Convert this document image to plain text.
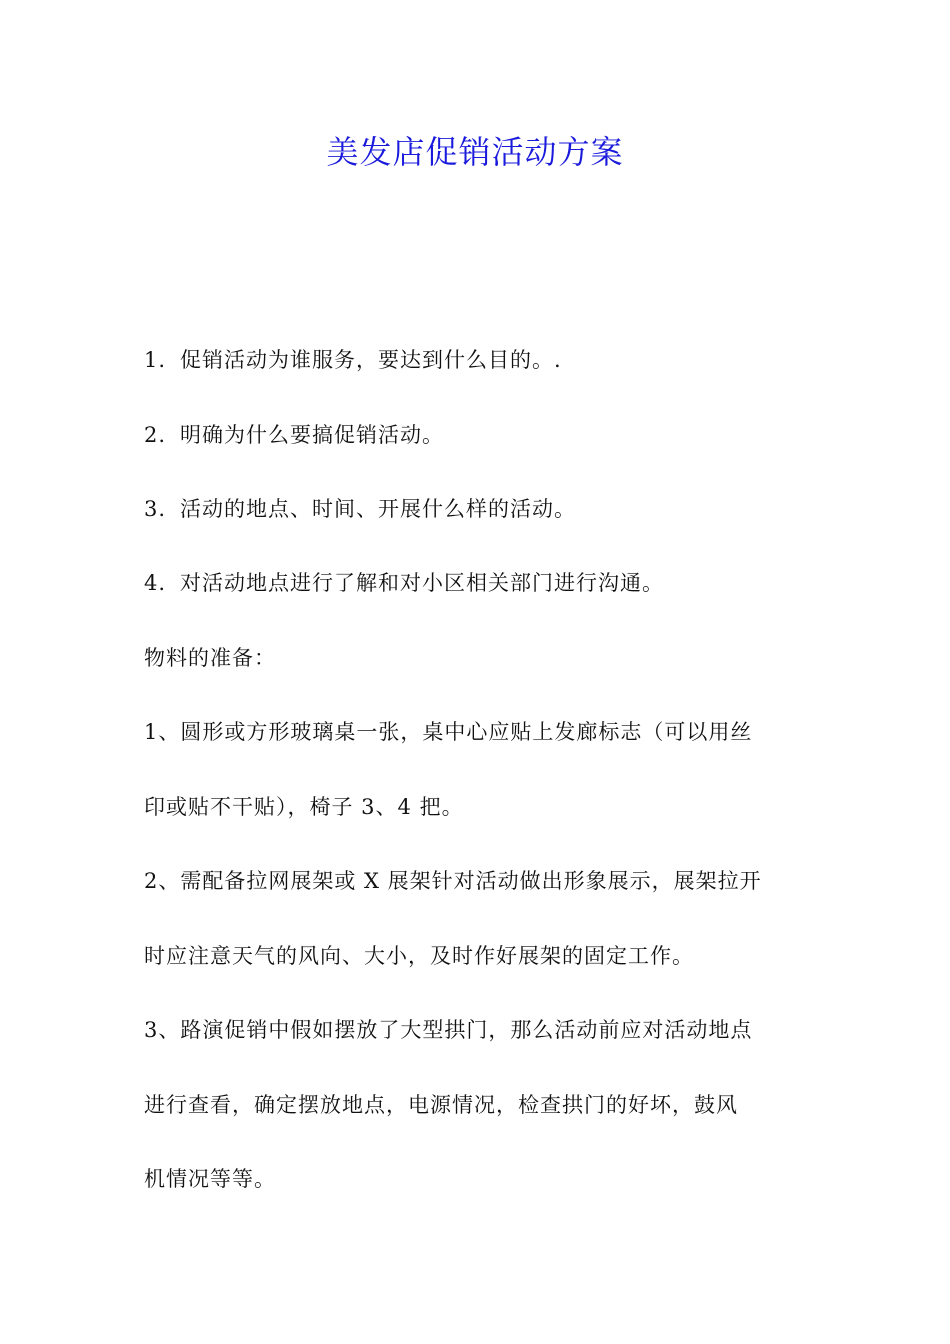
美发店促销活动方案
1. 促销活动为谁服务，要达到什么目的。.
2. 明确为什么要搞促销活动。
3. 活动的地点、时间、开展什么样的活动。
4. 对活动地点进行了解和对小区相关部门进行沟通。
物料的准备：
1、圆形或方形玻璃桌一张，桌中心应贴上发廊标志（可以用丝
印或贴不干贴），椅子 3、4 把。
2、需配备拉网展架或 X 展架针对活动做出形象展示，展架拉开
时应注意天气的风向、大小，及时作好展架的固定工作。
3、路演促销中假如摆放了大型拱门，那么活动前应对活动地点
进行查看，确定摆放地点，电源情况，检查拱门的好坏，鼓风
机情况等等。
